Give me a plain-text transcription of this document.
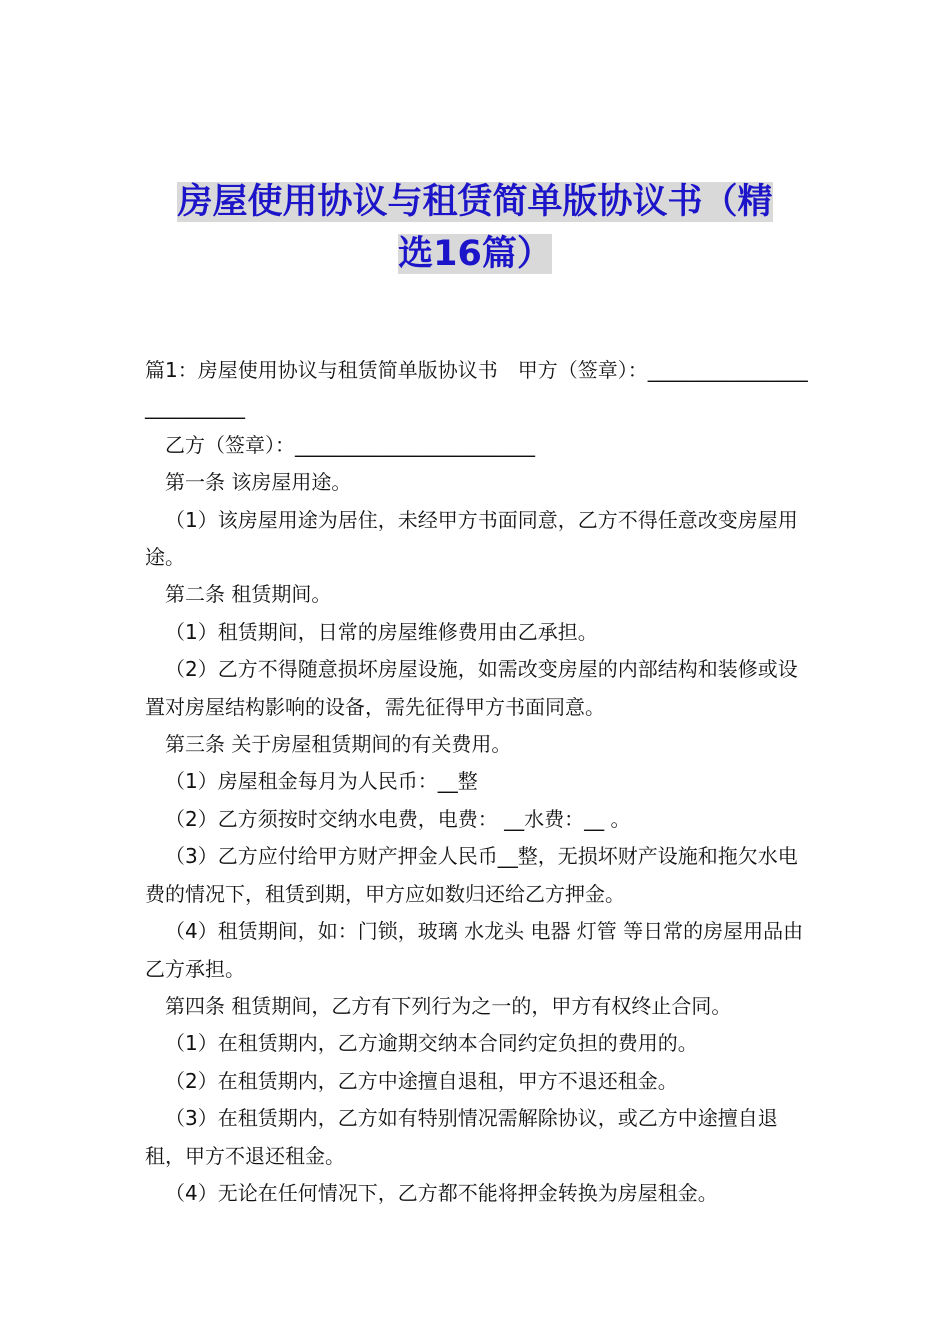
房屋使用协议与租赁简单版协议书（精
选16篇）

篇1：房屋使用协议与租赁简单版协议书　甲方（签章）：__________________________

乙方（签章）：________________________

第一条 该房屋用途。

（1）该房屋用途为居住，未经甲方书面同意，乙方不得任意改变房屋用途。

第二条 租赁期间。

（1）租赁期间，日常的房屋维修费用由乙承担。

（2）乙方不得随意损坏房屋设施，如需改变房屋的内部结构和装修或设置对房屋结构影响的设备，需先征得甲方书面同意。

第三条 关于房屋租赁期间的有关费用。

（1）房屋租金每月为人民币：__整

（2）乙方须按时交纳水电费，电费： __水费：__ 。

（3）乙方应付给甲方财产押金人民币__整，无损坏财产设施和拖欠水电费的情况下，租赁到期，甲方应如数归还给乙方押金。

（4）租赁期间，如：门锁，玻璃 水龙头 电器 灯管 等日常的房屋用品由乙方承担。

第四条 租赁期间，乙方有下列行为之一的，甲方有权终止合同。

（1）在租赁期内，乙方逾期交纳本合同约定负担的费用的。

（2）在租赁期内，乙方中途擅自退租，甲方不退还租金。

（3）在租赁期内，乙方如有特别情况需解除协议，或乙方中途擅自退租，甲方不退还租金。

（4）无论在任何情况下，乙方都不能将押金转换为房屋租金。
